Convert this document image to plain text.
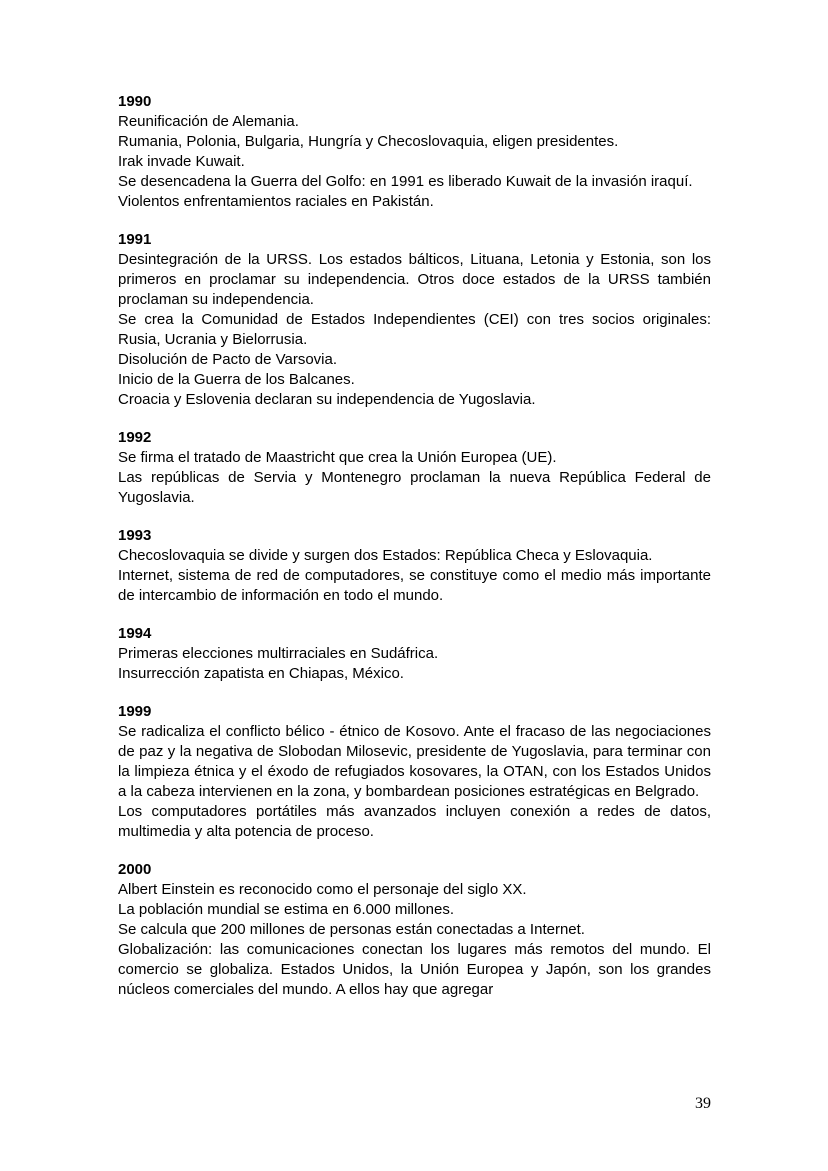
1990

Reunificación de Alemania.

Rumania, Polonia, Bulgaria, Hungría y Checoslovaquia, eligen presidentes.

Irak invade Kuwait.

Se desencadena la Guerra del Golfo: en 1991 es liberado Kuwait de la invasión iraquí.

Violentos enfrentamientos raciales en Pakistán.

1991

Desintegración de la URSS. Los estados bálticos, Lituana, Letonia y Estonia, son los primeros en proclamar su independencia. Otros doce estados de la URSS también proclaman su independencia.

Se crea la Comunidad de Estados Independientes (CEI) con tres socios originales: Rusia, Ucrania y Bielorrusia.

Disolución de Pacto de Varsovia.

Inicio de la Guerra de los Balcanes.

Croacia y Eslovenia declaran su independencia de Yugoslavia.

1992

Se firma el tratado de Maastricht que crea la Unión Europea (UE).

Las repúblicas de Servia y Montenegro proclaman la nueva República Federal de Yugoslavia.

1993

Checoslovaquia se divide y surgen dos Estados: República Checa y Eslovaquia.

Internet, sistema de red de computadores, se constituye como el medio más importante de intercambio de información en todo el mundo.

1994

Primeras elecciones multirraciales en Sudáfrica.

Insurrección zapatista en Chiapas, México.

1999

Se radicaliza el conflicto bélico - étnico de Kosovo. Ante el fracaso de las negociaciones de paz y la negativa de Slobodan Milosevic, presidente de Yugoslavia, para terminar con la limpieza étnica y el éxodo de refugiados kosovares, la OTAN, con los Estados Unidos a la cabeza intervienen en la zona, y bombardean posiciones estratégicas en Belgrado.

Los computadores portátiles más avanzados incluyen conexión a redes de datos, multimedia y alta potencia de proceso.

2000

Albert Einstein es reconocido como el personaje del siglo XX.

La población mundial se estima en 6.000 millones.

Se calcula que 200 millones de personas están conectadas a Internet.

Globalización: las comunicaciones conectan los lugares más remotos del mundo. El comercio se globaliza. Estados Unidos, la Unión Europea y Japón, son los grandes núcleos comerciales del mundo. A ellos hay que agregar

39
